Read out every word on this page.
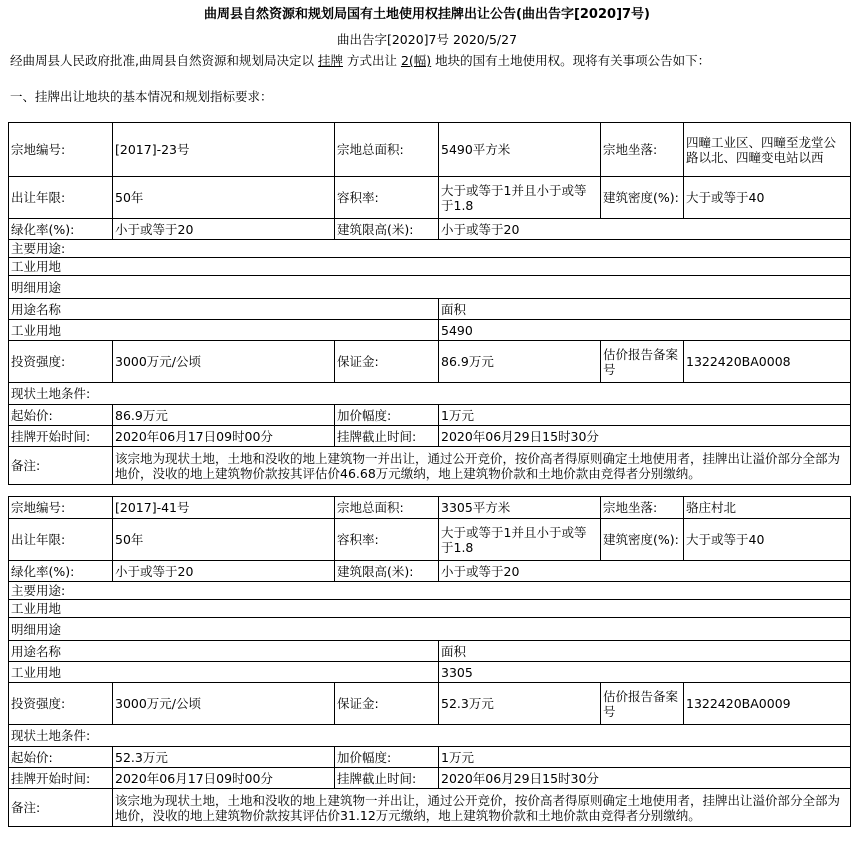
曲周县自然资源和规划局国有土地使用权挂牌出让公告(曲出告字[2020]7号)
曲出告字[2020]7号 2020/5/27
经曲周县人民政府批准,曲周县自然资源和规划局决定以 挂牌 方式出让 2(幅) 地块的国有土地使用权。现将有关事项公告如下：
一、挂牌出让地块的基本情况和规划指标要求：
宗地编号:	[2017]-23号	宗地总面积:	5490平方米	宗地坐落:	四疃工业区、四疃至龙堂公路以北、四疃变电站以西
出让年限:	50年	容积率:	大于或等于1并且小于或等于1.8	建筑密度(%):	大于或等于40
绿化率(%):	小于或等于20	建筑限高(米):	小于或等于20		
主要用途:					
工业用地					
明细用途					
用途名称			面积		
工业用地			5490		
投资强度:	3000万元/公顷	保证金:	86.9万元	估价报告备案号	1322420BA0008
现状土地条件:					
起始价:	86.9万元	加价幅度:	1万元		
挂牌开始时间:	2020年06月17日09时00分	挂牌截止时间:	2020年06月29日15时30分		
备注:	该宗地为现状土地，土地和没收的地上建筑物一并出让，通过公开竞价，按价高者得原则确定土地使用者，挂牌出让溢价部分全部为地价，没收的地上建筑物价款按其评估价46.68万元缴纳，地上建筑物价款和土地价款由竞得者分别缴纳。				
宗地编号:	[2017]-41号	宗地总面积:	3305平方米	宗地坐落:	骆庄村北
出让年限:	50年	容积率:	大于或等于1并且小于或等于1.8	建筑密度(%):	大于或等于40
绿化率(%):	小于或等于20	建筑限高(米):	小于或等于20		
主要用途:					
工业用地					
明细用途					
用途名称			面积		
工业用地			3305		
投资强度:	3000万元/公顷	保证金:	52.3万元	估价报告备案号	1322420BA0009
现状土地条件:					
起始价:	52.3万元	加价幅度:	1万元		
挂牌开始时间:	2020年06月17日09时00分	挂牌截止时间:	2020年06月29日15时30分		
备注:	该宗地为现状土地，土地和没收的地上建筑物一并出让，通过公开竞价，按价高者得原则确定土地使用者，挂牌出让溢价部分全部为地价，没收的地上建筑物价款按其评估价31.12万元缴纳，地上建筑物价款和土地价款由竞得者分别缴纳。				
